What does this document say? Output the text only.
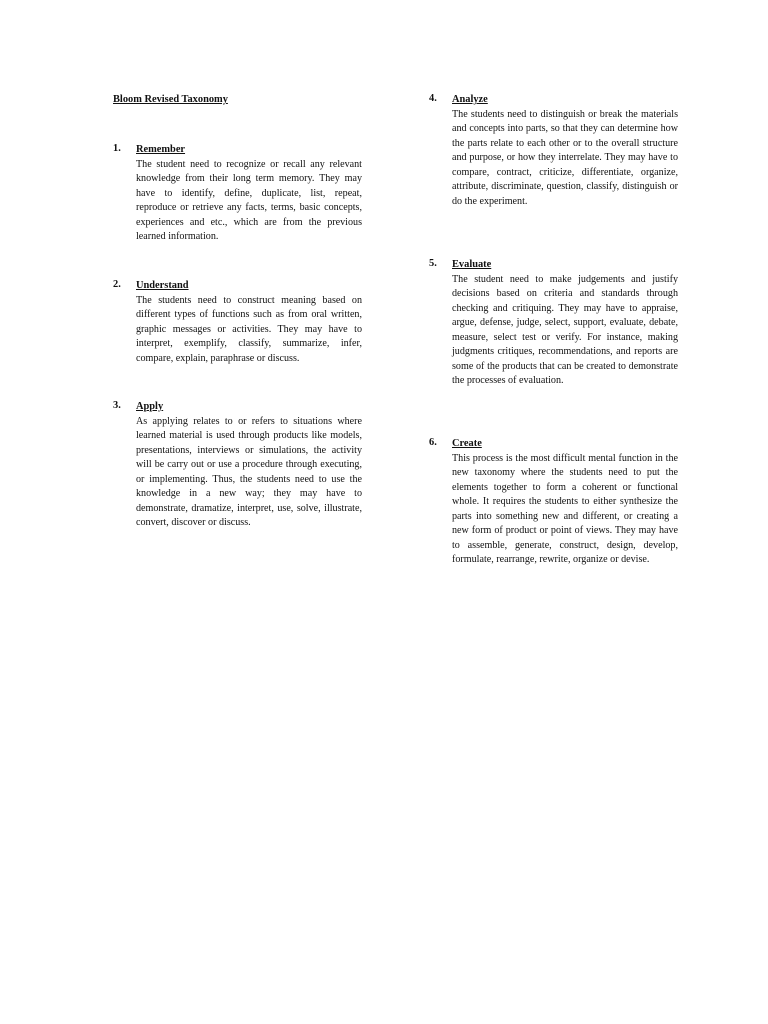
Bloom Revised Taxonomy
1. Remember
The student need to recognize or recall any relevant knowledge from their long term memory. They may have to identify, define, duplicate, list, repeat, reproduce or retrieve any facts, terms, basic concepts, experiences and etc., which are from the previous learned information.
2. Understand
The students need to construct meaning based on different types of functions such as from oral written, graphic messages or activities. They may have to interpret, exemplify, classify, summarize, infer, compare, explain, paraphrase or discuss.
3. Apply
As applying relates to or refers to situations where learned material is used through products like models, presentations, interviews or simulations, the activity will be carry out or use a procedure through executing, or implementing. Thus, the students need to use the knowledge in a new way; they may have to demonstrate, dramatize, interpret, use, solve, illustrate, convert, discover or discuss.
4. Analyze
The students need to distinguish or break the materials and concepts into parts, so that they can determine how the parts relate to each other or to the overall structure and purpose, or how they interrelate. They may have to compare, contract, criticize, differentiate, organize, attribute, discriminate, question, classify, distinguish or do the experiment.
5. Evaluate
The student need to make judgements and justify decisions based on criteria and standards through checking and critiquing. They may have to appraise, argue, defense, judge, select, support, evaluate, debate, measure, select test or verify. For instance, making judgments critiques, recommendations, and reports are some of the products that can be created to demonstrate the processes of evaluation.
6. Create
This process is the most difficult mental function in the new taxonomy where the students need to put the elements together to form a coherent or functional whole. It requires the students to either synthesize the parts into something new and different, or creating a new form of product or point of views. They may have to assemble, generate, construct, design, develop, formulate, rearrange, rewrite, organize or devise.
